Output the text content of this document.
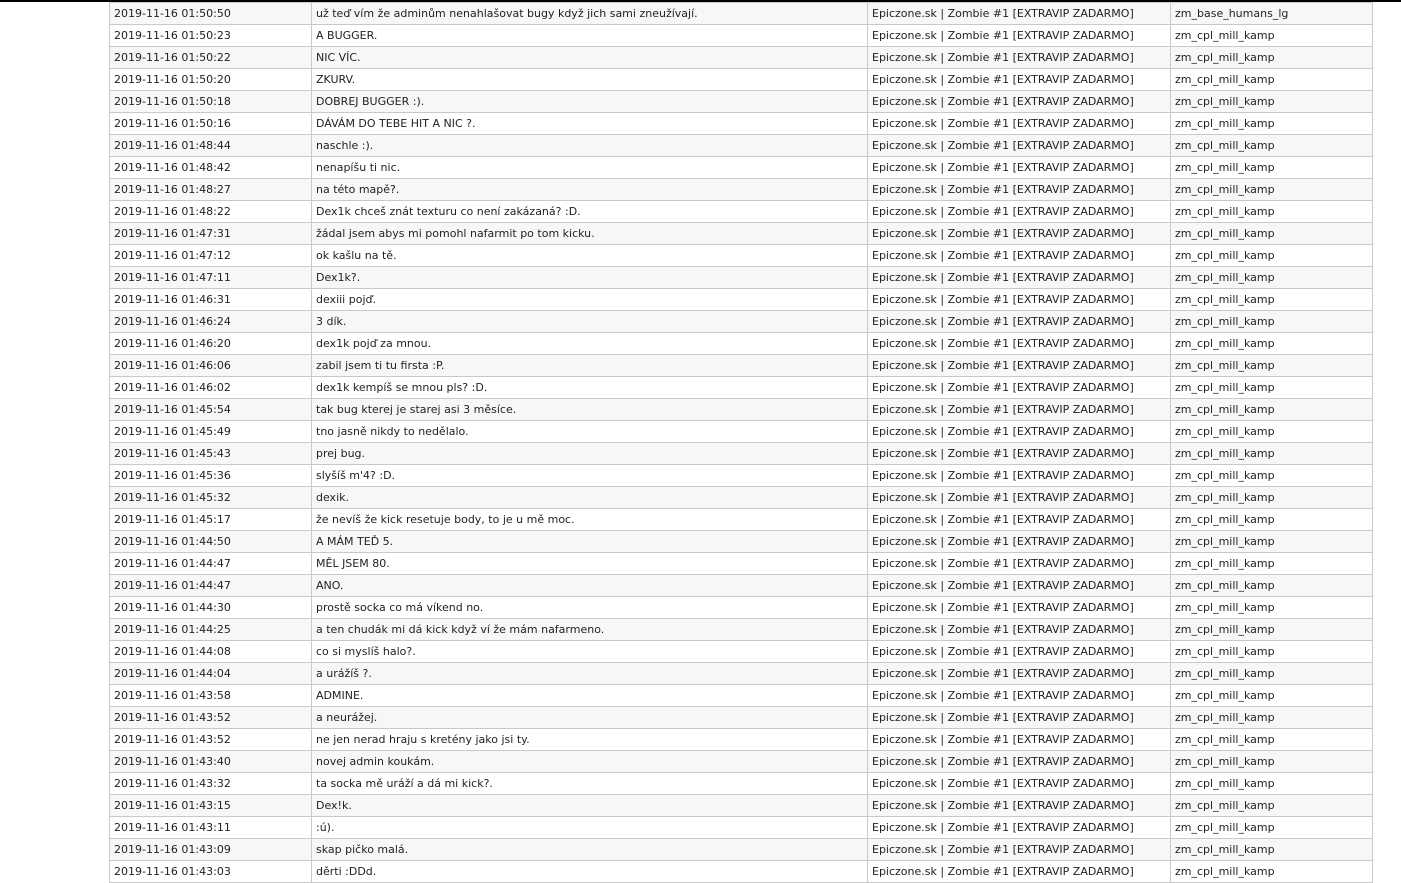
2019-11-16 01:50:50	už teď vím že adminům nenahlašovat bugy když jich sami zneužívají.	Epiczone.sk | Zombie #1 [EXTRAVIP ZADARMO]	zm_base_humans_lg
2019-11-16 01:50:23	A BUGGER.	Epiczone.sk | Zombie #1 [EXTRAVIP ZADARMO]	zm_cpl_mill_kamp
2019-11-16 01:50:22	NIC VÍC.	Epiczone.sk | Zombie #1 [EXTRAVIP ZADARMO]	zm_cpl_mill_kamp
2019-11-16 01:50:20	ZKURV.	Epiczone.sk | Zombie #1 [EXTRAVIP ZADARMO]	zm_cpl_mill_kamp
2019-11-16 01:50:18	DOBREJ BUGGER :).	Epiczone.sk | Zombie #1 [EXTRAVIP ZADARMO]	zm_cpl_mill_kamp
2019-11-16 01:50:16	DÁVÁM DO TEBE HIT A NIC ?.	Epiczone.sk | Zombie #1 [EXTRAVIP ZADARMO]	zm_cpl_mill_kamp
2019-11-16 01:48:44	naschle :).	Epiczone.sk | Zombie #1 [EXTRAVIP ZADARMO]	zm_cpl_mill_kamp
2019-11-16 01:48:42	nenapíšu ti nic.	Epiczone.sk | Zombie #1 [EXTRAVIP ZADARMO]	zm_cpl_mill_kamp
2019-11-16 01:48:27	na této mapě?.	Epiczone.sk | Zombie #1 [EXTRAVIP ZADARMO]	zm_cpl_mill_kamp
2019-11-16 01:48:22	Dex1k chceš znát texturu co není zakázaná? :D.	Epiczone.sk | Zombie #1 [EXTRAVIP ZADARMO]	zm_cpl_mill_kamp
2019-11-16 01:47:31	žádal jsem abys mi pomohl nafarmit po tom kicku.	Epiczone.sk | Zombie #1 [EXTRAVIP ZADARMO]	zm_cpl_mill_kamp
2019-11-16 01:47:12	ok kašlu na tě.	Epiczone.sk | Zombie #1 [EXTRAVIP ZADARMO]	zm_cpl_mill_kamp
2019-11-16 01:47:11	Dex1k?.	Epiczone.sk | Zombie #1 [EXTRAVIP ZADARMO]	zm_cpl_mill_kamp
2019-11-16 01:46:31	dexiii pojď.	Epiczone.sk | Zombie #1 [EXTRAVIP ZADARMO]	zm_cpl_mill_kamp
2019-11-16 01:46:24	3 dík.	Epiczone.sk | Zombie #1 [EXTRAVIP ZADARMO]	zm_cpl_mill_kamp
2019-11-16 01:46:20	dex1k pojď za mnou.	Epiczone.sk | Zombie #1 [EXTRAVIP ZADARMO]	zm_cpl_mill_kamp
2019-11-16 01:46:06	zabil jsem ti tu firsta :P.	Epiczone.sk | Zombie #1 [EXTRAVIP ZADARMO]	zm_cpl_mill_kamp
2019-11-16 01:46:02	dex1k kempíš se mnou pls? :D.	Epiczone.sk | Zombie #1 [EXTRAVIP ZADARMO]	zm_cpl_mill_kamp
2019-11-16 01:45:54	tak bug kterej je starej asi 3 měsíce.	Epiczone.sk | Zombie #1 [EXTRAVIP ZADARMO]	zm_cpl_mill_kamp
2019-11-16 01:45:49	tno jasně nikdy to nedělalo.	Epiczone.sk | Zombie #1 [EXTRAVIP ZADARMO]	zm_cpl_mill_kamp
2019-11-16 01:45:43	prej bug.	Epiczone.sk | Zombie #1 [EXTRAVIP ZADARMO]	zm_cpl_mill_kamp
2019-11-16 01:45:36	slyšíš m'4? :D.	Epiczone.sk | Zombie #1 [EXTRAVIP ZADARMO]	zm_cpl_mill_kamp
2019-11-16 01:45:32	dexik.	Epiczone.sk | Zombie #1 [EXTRAVIP ZADARMO]	zm_cpl_mill_kamp
2019-11-16 01:45:17	že nevíš že kick resetuje body, to je u mě moc.	Epiczone.sk | Zombie #1 [EXTRAVIP ZADARMO]	zm_cpl_mill_kamp
2019-11-16 01:44:50	A MÁM TEĎ 5.	Epiczone.sk | Zombie #1 [EXTRAVIP ZADARMO]	zm_cpl_mill_kamp
2019-11-16 01:44:47	MĚL JSEM 80.	Epiczone.sk | Zombie #1 [EXTRAVIP ZADARMO]	zm_cpl_mill_kamp
2019-11-16 01:44:47	ANO.	Epiczone.sk | Zombie #1 [EXTRAVIP ZADARMO]	zm_cpl_mill_kamp
2019-11-16 01:44:30	prostě socka co má víkend no.	Epiczone.sk | Zombie #1 [EXTRAVIP ZADARMO]	zm_cpl_mill_kamp
2019-11-16 01:44:25	a ten chudák mi dá kick když ví že mám nafarmeno.	Epiczone.sk | Zombie #1 [EXTRAVIP ZADARMO]	zm_cpl_mill_kamp
2019-11-16 01:44:08	co si myslíš halo?.	Epiczone.sk | Zombie #1 [EXTRAVIP ZADARMO]	zm_cpl_mill_kamp
2019-11-16 01:44:04	a urážíš ?.	Epiczone.sk | Zombie #1 [EXTRAVIP ZADARMO]	zm_cpl_mill_kamp
2019-11-16 01:43:58	ADMINE.	Epiczone.sk | Zombie #1 [EXTRAVIP ZADARMO]	zm_cpl_mill_kamp
2019-11-16 01:43:52	a neurážej.	Epiczone.sk | Zombie #1 [EXTRAVIP ZADARMO]	zm_cpl_mill_kamp
2019-11-16 01:43:52	ne jen nerad hraju s kretény jako jsi ty.	Epiczone.sk | Zombie #1 [EXTRAVIP ZADARMO]	zm_cpl_mill_kamp
2019-11-16 01:43:40	novej admin koukám.	Epiczone.sk | Zombie #1 [EXTRAVIP ZADARMO]	zm_cpl_mill_kamp
2019-11-16 01:43:32	ta socka mě uráží a dá mi kick?.	Epiczone.sk | Zombie #1 [EXTRAVIP ZADARMO]	zm_cpl_mill_kamp
2019-11-16 01:43:15	Dex!k.	Epiczone.sk | Zombie #1 [EXTRAVIP ZADARMO]	zm_cpl_mill_kamp
2019-11-16 01:43:11	:ú).	Epiczone.sk | Zombie #1 [EXTRAVIP ZADARMO]	zm_cpl_mill_kamp
2019-11-16 01:43:09	skap pičko malá.	Epiczone.sk | Zombie #1 [EXTRAVIP ZADARMO]	zm_cpl_mill_kamp
2019-11-16 01:43:03	děrti :DDd.	Epiczone.sk | Zombie #1 [EXTRAVIP ZADARMO]	zm_cpl_mill_kamp
